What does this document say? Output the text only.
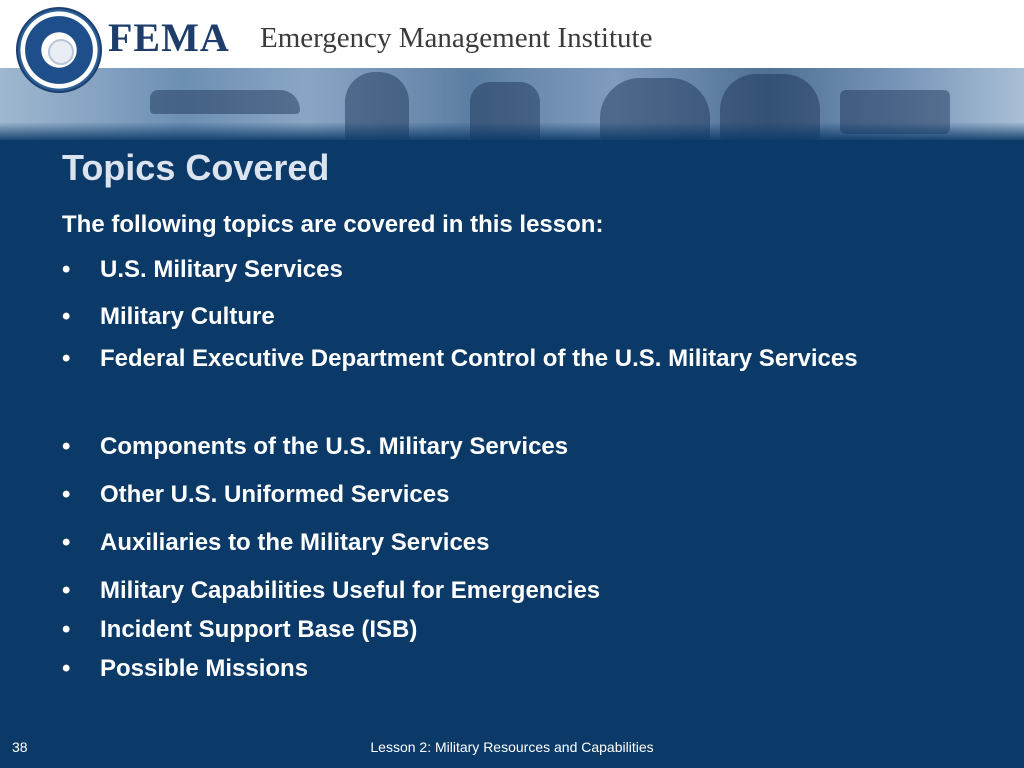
FEMA Emergency Management Institute
Topics Covered
The following topics are covered in this lesson:
•	U.S. Military Services
•	Military Culture
•	Federal Executive Department Control of the U.S. Military Services
•	Components of the U.S. Military Services
•	Other U.S. Uniformed Services
•	Auxiliaries to the Military Services
•	Military Capabilities Useful for Emergencies
•	Incident Support Base (ISB)
•	Possible Missions
38	Lesson 2: Military Resources and Capabilities
